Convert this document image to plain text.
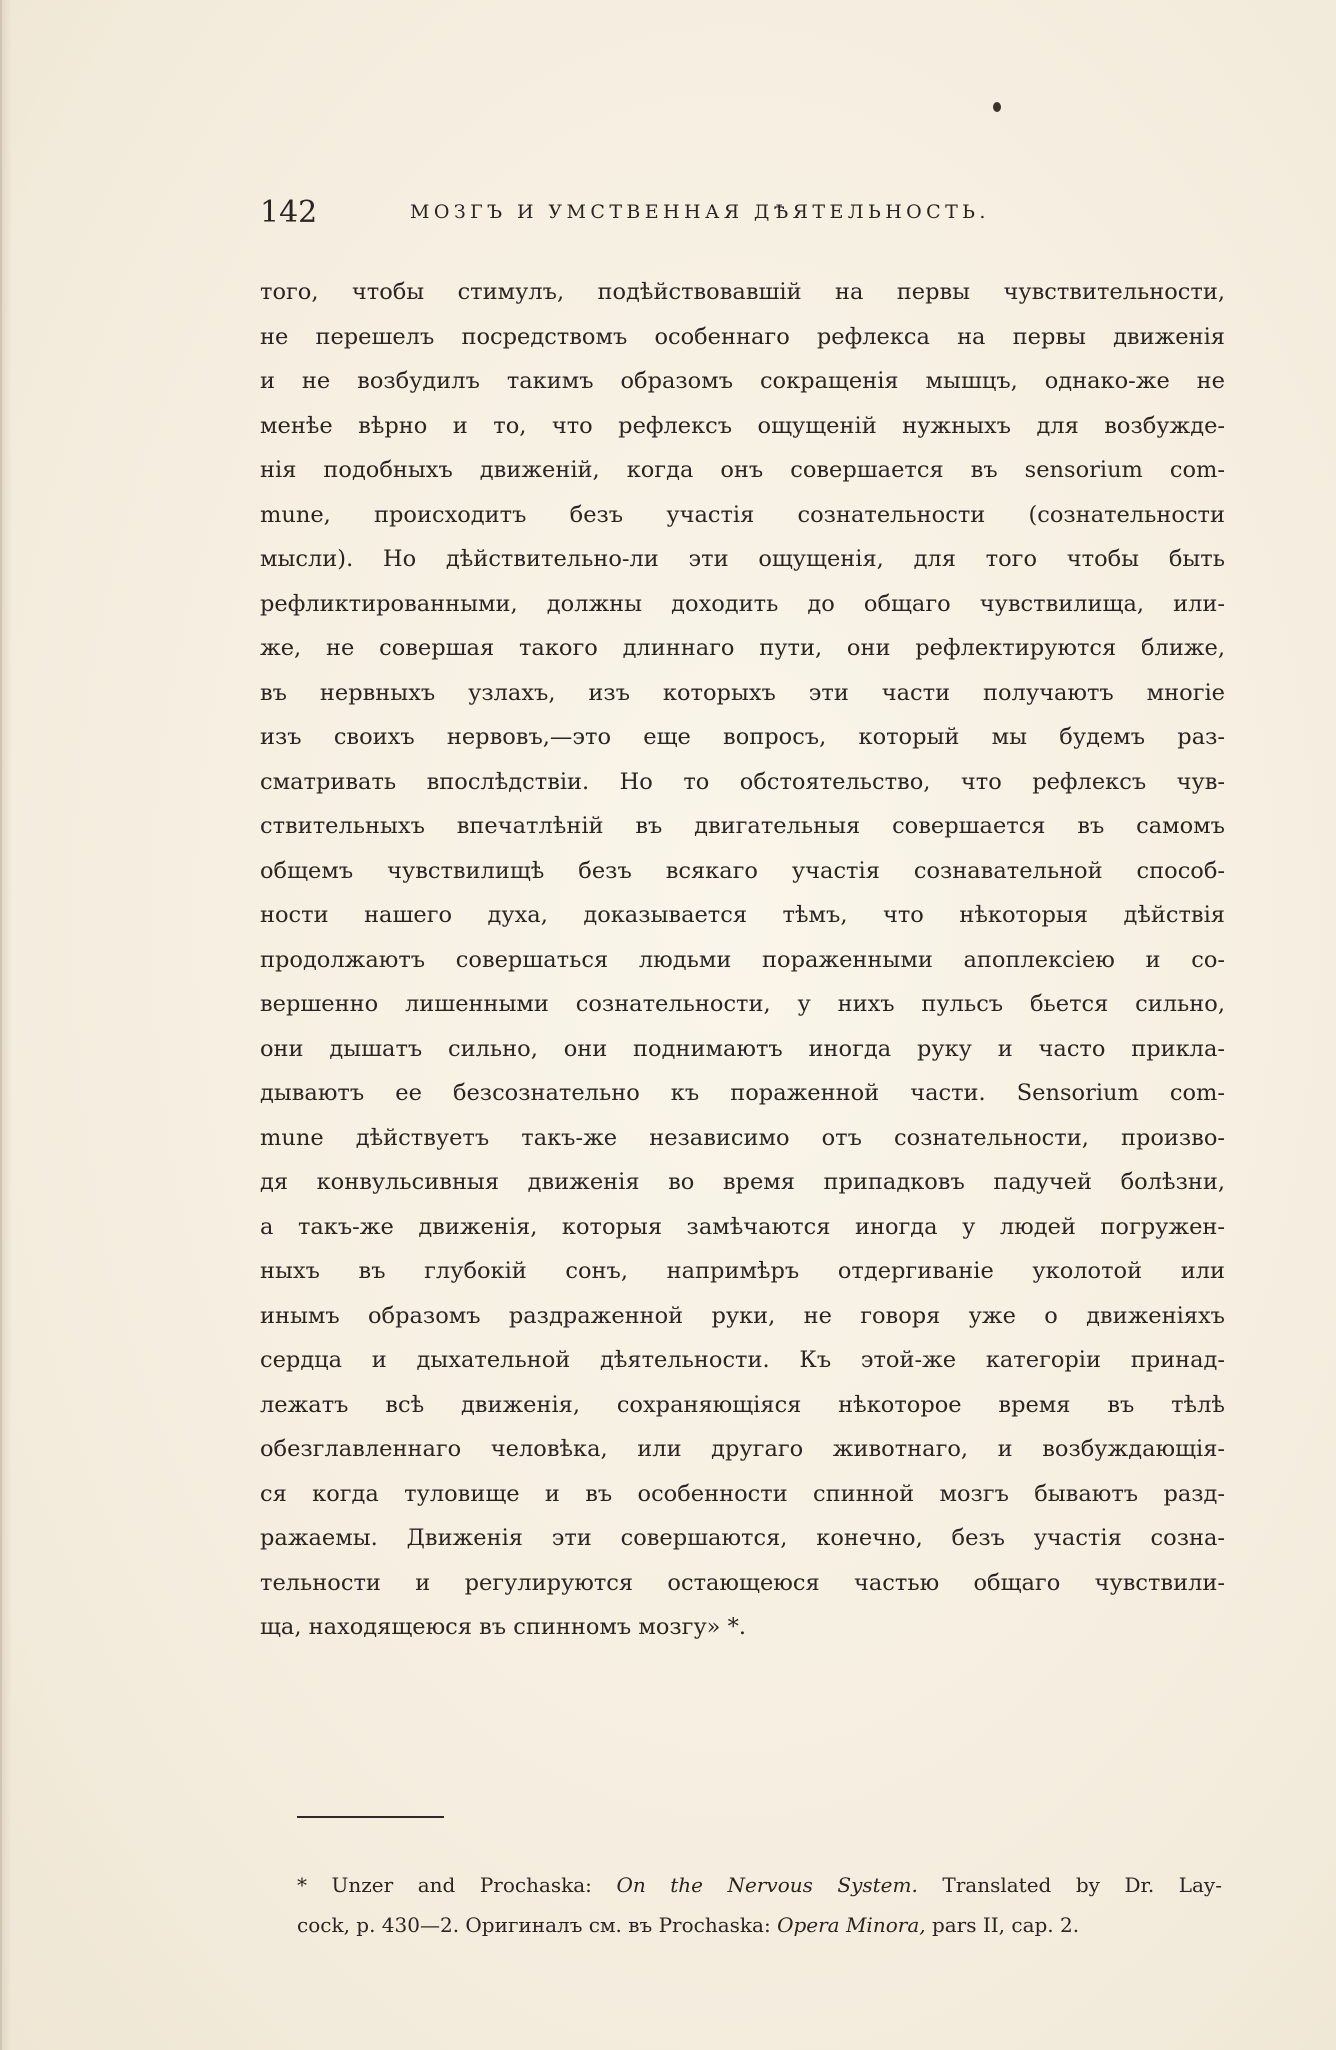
142	МОЗГЪ И УМСТВЕННАЯ ДѢЯТЕЛЬНОСТЬ.
того, чтобы стимулъ, подѣйствовавшій на первы чувствительности,
не перешелъ посредствомъ особеннаго рефлекса на первы движенія
и не возбудилъ такимъ образомъ сокращенія мышцъ, однако-же не
менѣе вѣрно и то, что рефлексъ ощущеній нужныхъ для возбужде-
нія подобныхъ движеній, когда онъ совершается въ sensorium com-
mune, происходитъ безъ участія сознательности (сознательности
мысли). Но дѣйствительно-ли эти ощущенія, для того чтобы быть
рефликтированными, должны доходить до общаго чувствилища, или-
же, не совершая такого длиннаго пути, они рефлектируются ближе,
въ нервныхъ узлахъ, изъ которыхъ эти части получаютъ многіе
изъ своихъ нервовъ,—это еще вопросъ, который мы будемъ раз-
сматривать впослѣдствіи. Но то обстоятельство, что рефлексъ чув-
ствительныхъ впечатлѣній въ двигательныя совершается въ самомъ
общемъ чувствилищѣ безъ всякаго участія сознавательной способ-
ности нашего духа, доказывается тѣмъ, что нѣкоторыя дѣйствія
продолжаютъ совершаться людьми пораженными апоплексіею и со-
вершенно лишенными сознательности, у нихъ пульсъ бьется сильно,
они дышатъ сильно, они поднимаютъ иногда руку и часто прикла-
дываютъ ее безсознательно къ пораженной части. Sensorium com-
mune дѣйствуетъ такъ-же независимо отъ сознательности, произво-
дя конвульсивныя движенія во время припадковъ падучей болѣзни,
а такъ-же движенія, которыя замѣчаются иногда у людей погружен-
ныхъ въ глубокій сонъ, напримѣръ отдергиваніе уколотой или
инымъ образомъ раздраженной руки, не говоря уже о движеніяхъ
сердца и дыхательной дѣятельности. Къ этой-же категоріи принад-
лежатъ всѣ движенія, сохраняющіяся нѣкоторое время въ тѣлѣ
обезглавленнаго человѣка, или другаго животнаго, и возбуждающія-
ся когда туловище и въ особенности спинной мозгъ бываютъ разд-
ражаемы. Движенія эти совершаются, конечно, безъ участія созна-
тельности и регулируются остающеюся частью общаго чувствили-
ща, находящеюся въ спинномъ мозгу» *.
* Unzer and Prochaska: On the Nervous System. Translated by Dr. Lay-
cock, p. 430—2. Оригиналъ см. въ Prochaska: Opera Minora, pars II, cap. 2.
